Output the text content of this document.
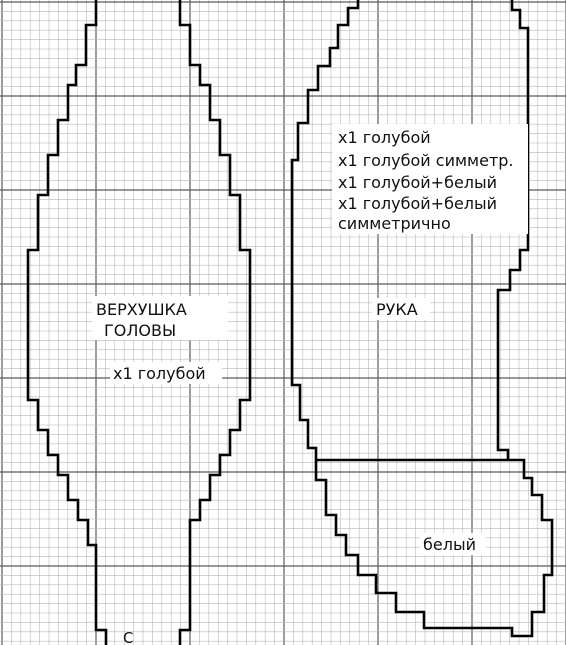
ВЕРХУШКА
ГОЛОВЫ
x1 голубой
C
x1 голубой
x1 голубой симметр.
x1 голубой+белый
x1 голубой+белый
симметрично
РУКА
белый
